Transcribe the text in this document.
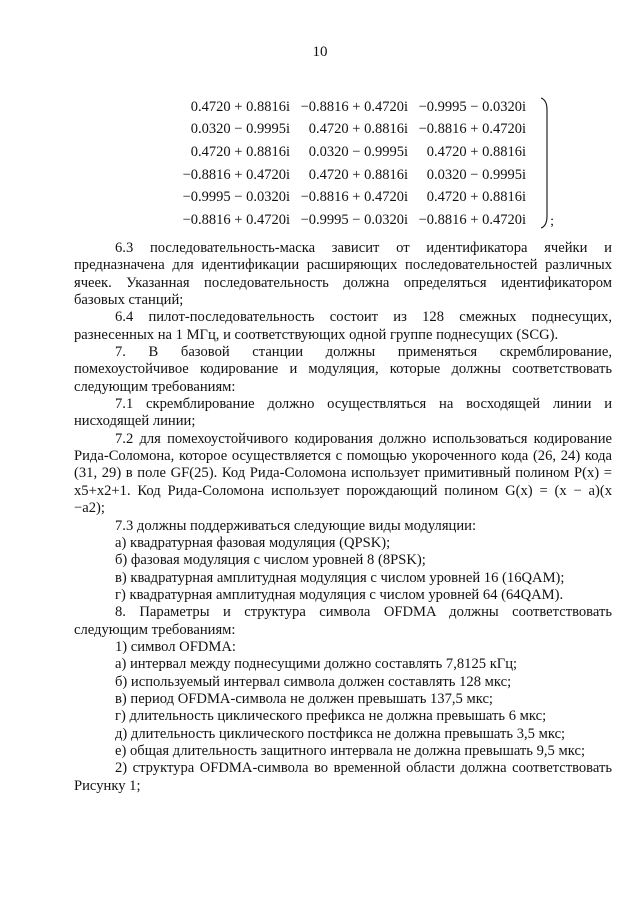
10
0.4720 + 0.8816i −0.8816 + 0.4720i −0.9995 − 0.0320i
0.0320 − 0.9995i	0.4720 + 0.8816i −0.8816 + 0.4720i
0.4720 + 0.8816i	0.0320 − 0.9995i	0.4720 + 0.8816i
−0.8816 + 0.4720i	0.4720 + 0.8816i	0.0320 − 0.9995i
−0.9995 − 0.0320i −0.8816 + 0.4720i	0.4720 + 0.8816i
−0.8816 + 0.4720i −0.9995 − 0.0320i −0.8816 + 0.4720i ;

6.3 последовательность-маска зависит от идентификатора ячейки и предназначена для идентификации расширяющих последовательностей различных ячеек. Указанная последовательность должна определяться идентификатором базовых станций;

6.4 пилот-последовательность состоит из 128 смежных поднесущих, разнесенных на 1 МГц, и соответствующих одной группе поднесущих (SCG).

7. В базовой станции должны применяться скремблирование, помехоустойчивое кодирование и модуляция, которые должны соответствовать следующим требованиям:

7.1 скремблирование должно осуществляться на восходящей линии и нисходящей линии;

7.2 для помехоустойчивого кодирования должно использоваться кодирование Рида-Соломона, которое осуществляется с помощью укороченного кода (26, 24) кода (31, 29) в поле GF(25). Код Рида-Соломона использует примитивный полином P(x) = x5+x2+1. Код Рида-Соломона использует порождающий полином G(x) = (x − a)(x −a2);

7.3 должны поддерживаться следующие виды модуляции:

а) квадратурная фазовая модуляция (QPSK);

б) фазовая модуляция с числом уровней 8 (8PSK);

в) квадратурная амплитудная модуляция с числом уровней 16 (16QAM);

г) квадратурная амплитудная модуляция с числом уровней 64 (64QAM).

8. Параметры и структура символа OFDMA должны соответствовать следующим требованиям:

1) символ OFDMA:

а) интервал между поднесущими должно составлять 7,8125 кГц;

б) используемый интервал символа должен составлять 128 мкс;

в) период OFDMA-символа не должен превышать 137,5 мкс;

г) длительность циклического префикса не должна превышать 6 мкс;

д) длительность циклического постфикса не должна превышать 3,5 мкс;

е) общая длительность защитного интервала не должна превышать 9,5 мкс;

2) структура OFDMA-символа во временной области должна соответствовать Рисунку 1;
